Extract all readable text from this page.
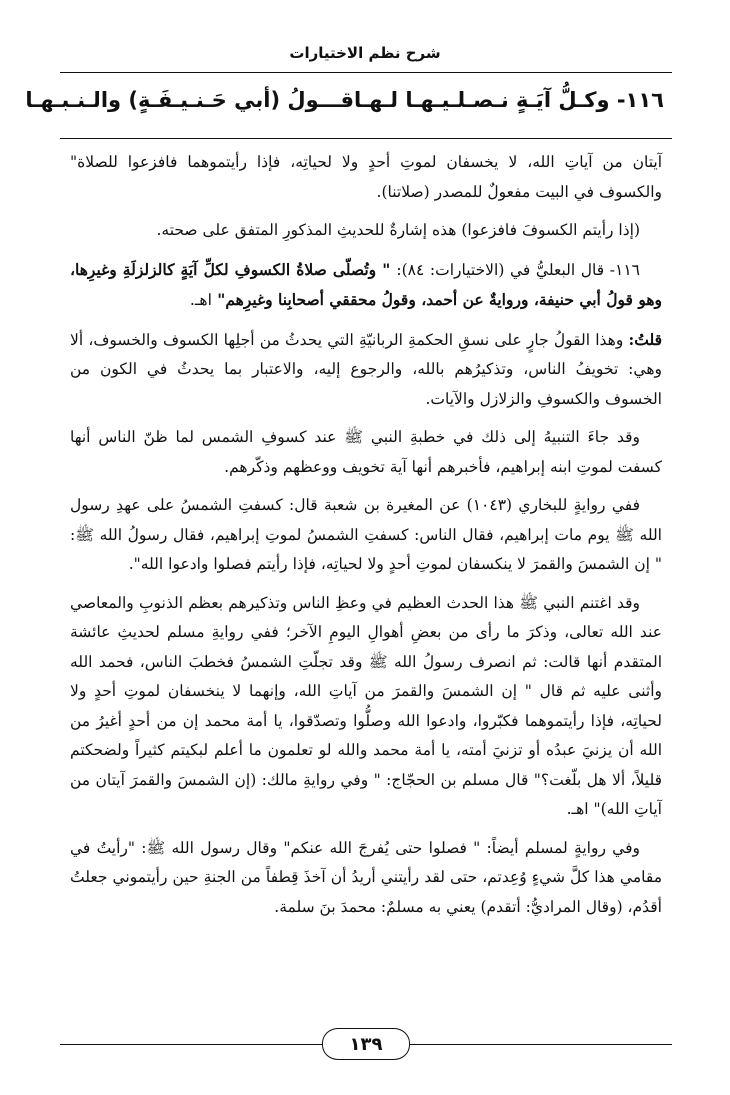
شرح نظم الاختيارات
١١٦- وكـلُّ آيَـةٍ نـصـلـيـهـا لـهـا
قـــولُ (أبي حَـنـيـفَـةٍ) والـنـبـهـا

آيتان من آياتِ الله، لا يخسفان لموتِ أحدٍ ولا لحياتِه، فإذا رأيتموهما فافزعوا للصلاة" والكسوف في البيت مفعولٌ للمصدر (صلاتنا).

(إذا رأيتم الكسوفَ فافزعوا) هذه إشارةٌ للحديثِ المذكورِ المتفق على صحته.

١١٦- قال البعليُّ في (الاختيارات: ٨٤): " وتُصلّى صلاةُ الكسوفِ لكلِّ آيَةٍ كالزلزلَةِ وغيرِها، وهو قولُ أبي حنيفة، وروايةٌ عن أحمد، وقولُ محققي أصحابِنا وغيرِهم" اهـ.

قلتُ: وهذا القولُ جارٍ على نسقِ الحكمةِ الربانيّةِ التي يحدثُ من أجلِها الكسوف والخسوف، ألا وهي: تخويفُ الناس، وتذكيرُهم بالله، والرجوع إليه، والاعتبار بما يحدثُ في الكون من الخسوف والكسوفِ والزلازل والآيات.

وقد جاءَ التنبيهُ إلى ذلك في خطبةِ النبي ﷺ عند كسوفِ الشمس لما ظنّ الناس أنها كسفت لموتِ ابنه إبراهيم، فأخبرهم أنها آية تخويف ووعظهم وذكّرهم.

ففي روايةٍ للبخاري (١٠٤٣) عن المغيرة بن شعبة قال: كسفتِ الشمسُ على عهدِ رسول الله ﷺ يوم مات إبراهيم، فقال الناس: كسفتِ الشمسُ لموتِ إبراهيم، فقال رسولُ الله ﷺ: " إن الشمسَ والقمرَ لا ينكسفان لموتِ أحدٍ ولا لحياتِه، فإذا رأيتم فصلوا وادعوا الله".

وقد اغتنم النبي ﷺ هذا الحدث العظيم في وعظِ الناس وتذكيرهم بعظم الذنوبِ والمعاصي عند الله تعالى، وذكرَ ما رأى من بعضِ أهوالِ اليومِ الآخر؛ ففي روايةِ مسلم لحديثِ عائشة المتقدم أنها قالت: ثم انصرف رسولُ الله ﷺ وقد تجلّتِ الشمسُ فخطبَ الناس، فحمد الله وأثنى عليه ثم قال " إن الشمسَ والقمرَ من آياتِ الله، وإنهما لا ينخسفان لموتِ أحدٍ ولا لحياتِه، فإذا رأيتموهما فكبّروا، وادعوا الله وصلُّوا وتصدّقوا، يا أمة محمد إن من أحدٍ أغيرُ من الله أن يزنيَ عبدُه أو تزنيَ أمته، يا أمة محمد والله لو تعلمون ما أعلم لبكيتم كثيراً ولضحكتم قليلاً، ألا هل بلّغت؟" قال مسلم بن الحجّاج: " وفي روايةِ مالك: (إن الشمسَ والقمرَ آيتان من آياتِ الله)" اهـ.

وفي روايةٍ لمسلم أيضاً: " فصلوا حتى يُفرجَ الله عنكم" وقال رسول الله ﷺ: "رأيتُ في مقامي هذا كلَّ شيءٍ وُعِدتم، حتى لقد رأيتني أريدُ أن آخذَ قِطفاً من الجنةِ حين رأيتموني جعلتُ أقدُم، (وقال المراديُّ: أتقدم) يعني به مسلمٌ: محمدَ بنَ سلمة.

١٣٩
